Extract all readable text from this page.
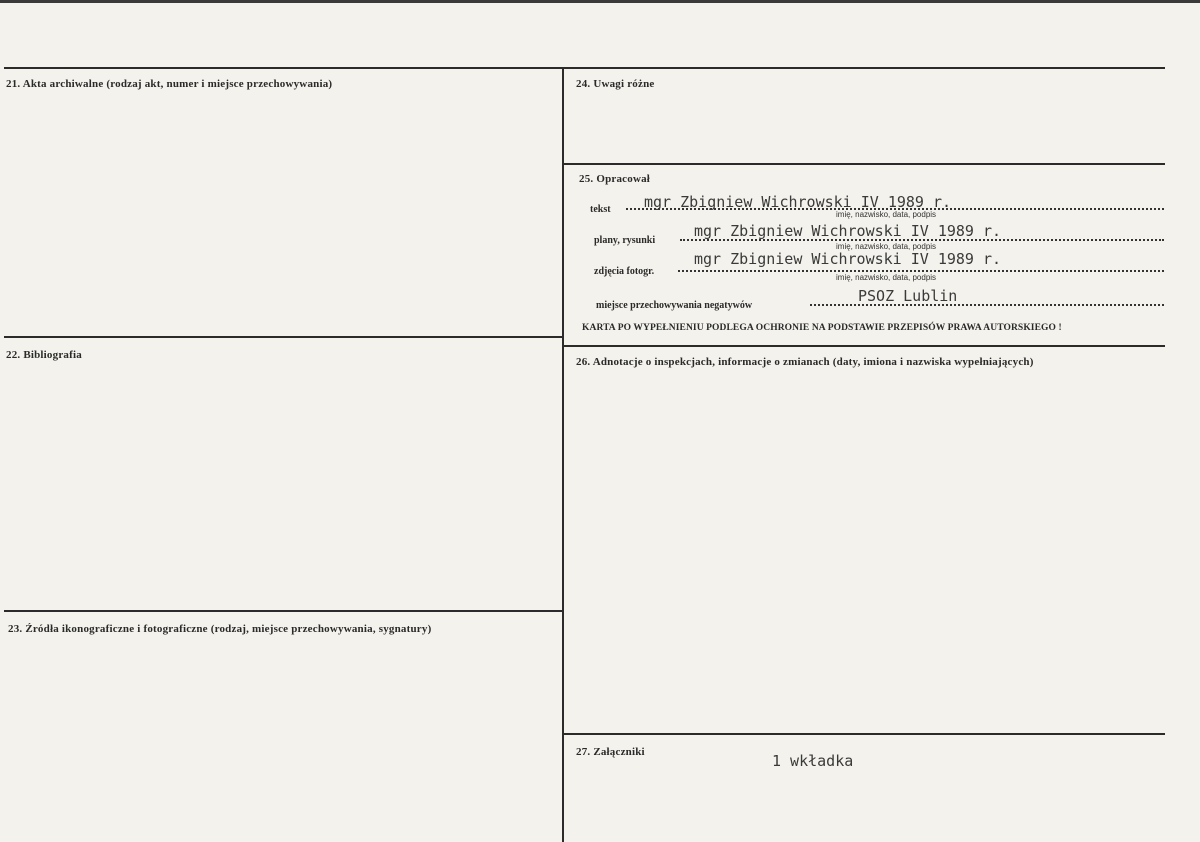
21. Akta archiwalne (rodzaj akt, numer i miejsce przechowywania)
22. Bibliografia
23. Źródła ikonograficzne i fotograficzne (rodzaj, miejsce przechowywania, sygnatury)
24. Uwagi różne
25. Opracował
tekst	mgr Zbigniew Wichrowski IV 1989 r.
imię, nazwisko, data, podpis
plany, rysunki
mgr Zbigniew Wichrowski IV 1989 r.
imię, nazwisko, data, podpis
zdjęcia fotogr.
mgr Zbigniew Wichrowski IV 1989 r.
imię, nazwisko, data, podpis
miejsce przechowywania negatywów
PSOZ Lublin
KARTA PO WYPEŁNIENIU PODLEGA OCHRONIE NA PODSTAWIE PRZEPISÓW PRAWA AUTORSKIEGO !
26. Adnotacje o inspekcjach, informacje o zmianach (daty, imiona i nazwiska wypełniających)
27. Załączniki	1 wkładka
